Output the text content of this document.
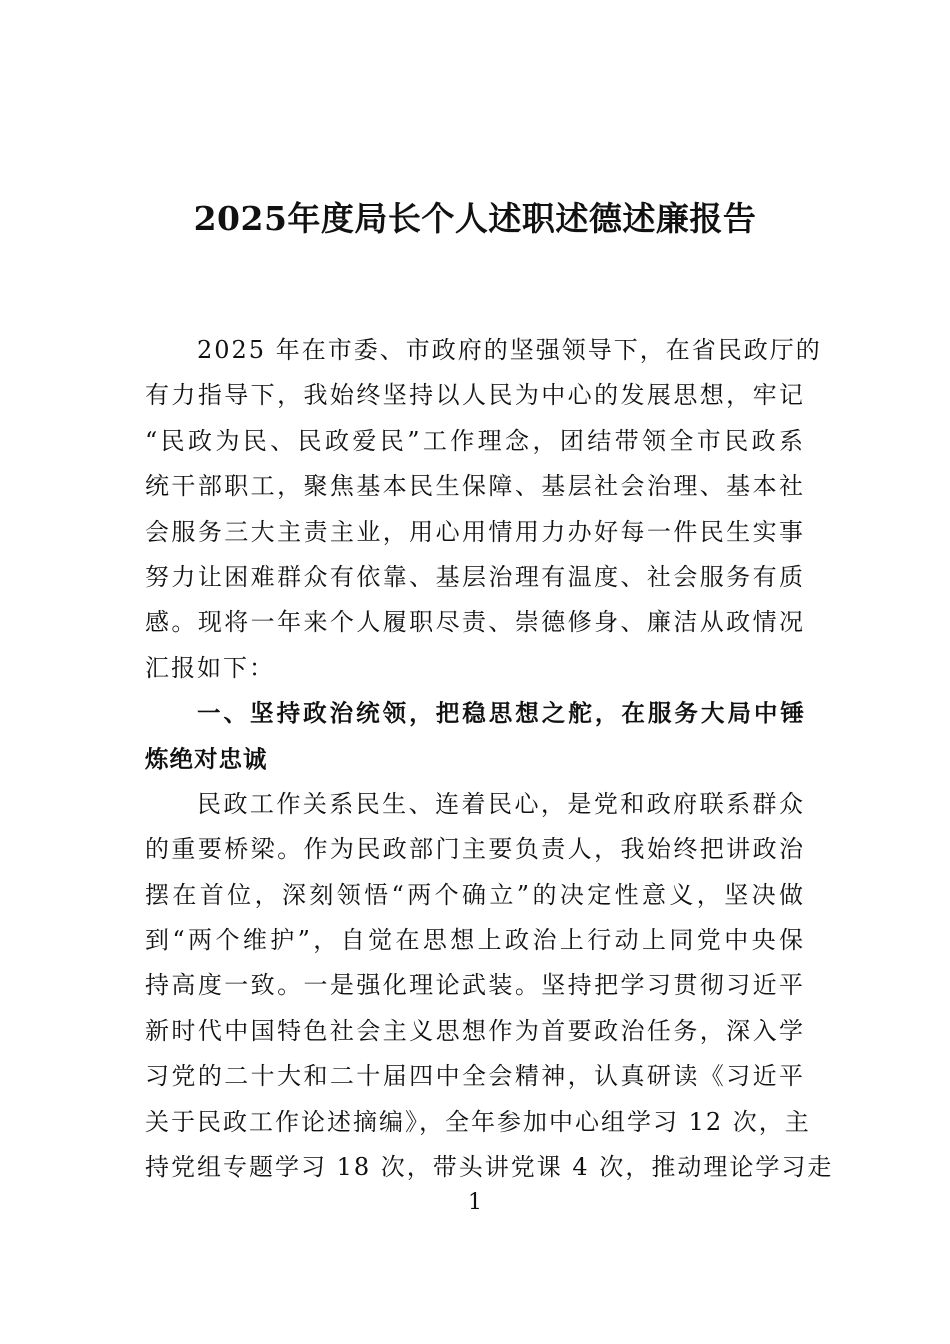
2025年度局长个人述职述德述廉报告
2025 年在市委、市政府的坚强领导下，在省民政厅的
有力指导下，我始终坚持以人民为中心的发展思想，牢记
“民政为民、民政爱民”工作理念，团结带领全市民政系
统干部职工，聚焦基本民生保障、基层社会治理、基本社
会服务三大主责主业，用心用情用力办好每一件民生实事
努力让困难群众有依靠、基层治理有温度、社会服务有质
感。现将一年来个人履职尽责、崇德修身、廉洁从政情况
汇报如下：
一、坚持政治统领，把稳思想之舵，在服务大局中锤
炼绝对忠诚
民政工作关系民生、连着民心，是党和政府联系群众
的重要桥梁。作为民政部门主要负责人，我始终把讲政治
摆在首位，深刻领悟“两个确立”的决定性意义，坚决做
到“两个维护”，自觉在思想上政治上行动上同党中央保
持高度一致。一是强化理论武装。坚持把学习贯彻习近平
新时代中国特色社会主义思想作为首要政治任务，深入学
习党的二十大和二十届四中全会精神，认真研读《习近平
关于民政工作论述摘编》，全年参加中心组学习 12 次，主
持党组专题学习 18 次，带头讲党课 4 次，推动理论学习走
1
